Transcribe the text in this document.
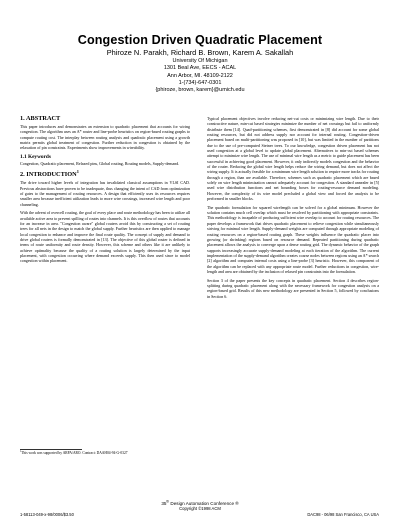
Congestion Driven Quadratic Placement
Phiroze N. Parakh, Richard B. Brown, Karem A. Sakallah
University Of Michigan
1301 Beal Ave, EECS - ACAL
Ann Arbor, MI. 48109-2122
1-(734)-647-0301
{phiroze, brown, karem}@umich.edu
1. ABSTRACT

This paper introduces and demonstrates an extension to quadratic placement that accounts for wiring congestion. The algorithm uses an A* router and line-probe heuristics on region-based routing graphs to compute routing cost. The interplay between routing analysis and quadratic placement using a growth matrix permits global treatment of congestion. Further reduction in congestion is obtained by the relaxation of pin constraints. Experiments show improvements in wireability.

1.1 Keywords

Congestion, Quadratic placement, Relaxed pins, Global routing, Routing models, Supply-demand.

2. INTRODUCTION$^1$

The drive toward higher levels of integration has invalidated classical assumptions in VLSI CAD. Previous abstractions have proven to be inadequate, thus changing the intent of CAD from optimization of gates to the management of routing resources. A design that efficiently uses its resources requires smaller area because inefficient utilization leads to more wire crossings, increased wire length and poor channeling.

With the advent of overcell routing, the goal of every place and route methodology has been to utilize all available active area to prevent spilling of routes into channels. It is this overflow of routes that accounts for an increase in area. "Congestion aware" global routers avoid this by constructing a set of routing trees for all nets in the design to match the global supply. Further heuristics are then applied to manage local congestion to enhance and improve the final route quality. The concept of supply and demand to drive global routers is formally demonstrated in [13]. The objective of this global router is defined in terms of route uniformity and route density. However, this scheme and others like it are unlikely to achieve optimality because the quality of a routing solution is largely determined by the input placement, with congestion occurring where demand exceeds supply. This then used since to model congestion within placement.

$^1$This work was supported by ARPA/ARO. Contract: DAAH04-94-G-0327

Typical placement objectives involve reducing net-cut costs or minimizing wire length. Due to their constructive nature, min-cut based strategies minimize the number of net crossings but fail to uniformly distribute them [14]. Quad-partitioning schemes, first demonstrated in [8] did account for some global routing resources, but did not address supply nor account for internal routing. Congestion-driven placement based on multi-partitioning was proposed in [10], but was limited in the number of partitions due to the use of pre-computed Steiner trees. To our knowledge, congestion driven placement has not used congestion at a global level to update global placement. Alternatives to min-cut based schemes attempt to minimize wire length. The use of minimal wire length as a metric to guide placement has been successful in achieving good placement. However, it only indirectly models congestion and the behavior of the router. Reducing the global wire length helps reduce the wiring demand, but does not affect the wiring supply. It is actually feasible for a minimum wire length solution to require more tracks for routing through a region, than are available. Therefore, schemes such as quadratic placement which are based solely on wire length minimization cannot adequately account for congestion. A standard annealer in [5] used wire distribution functions and net bounding boxes for routing-resource demand modeling. However, the complexity of its wire model precluded a global view and forced the analysis to be performed in smaller blocks.

The quadratic formulation for squared wirelength can be solved for a global minimum. However the solution contains much cell overlap which must be resolved by partitioning with appropriate constraints. This methodology is incapable of producing sufficient wire overlap to account for routing resources. The paper develops a framework that drives quadratic placement to relieve congestion while simultaneously striving for minimal wire length. Supply-demand weights are computed through appropriate modeling of routing resources on a region-based routing graph. These weights influence the quadratic placer into growing (or shrinking) regions based on resource demand. Repeated partitioning during quadratic placement allows the analysis to converge upon a dense routing grid. The dynamic behavior of the graph supports increasingly accurate supply-demand modeling at each iteration of the algorithm. The current implementation of the supply-demand algorithm creates coarse nodes between regions using an A* search [2] algorithm and computes internal costs using a line-probe [3] heuristic. However, this component of the algorithm can be replaced with any appropriate route model. Further reductions in congestion, wire-length and area are obtained by the inclusion of relaxed pin constraints into the formulation.

Section 3 of the paper presents the key concepts in quadratic placement. Section 4 describes region-splitting during quadratic placement along with the necessary framework for congestion analysis on a region-based grid. Results of this new methodology are presented in Section 5, followed by conclusions in Section 6.

35th Design Automation Conference ®
Copyright ©1998 ACM
1-58113-049-x-98/0006/$3.50	DAC98 - 06/98 San Francisco, CA USA
